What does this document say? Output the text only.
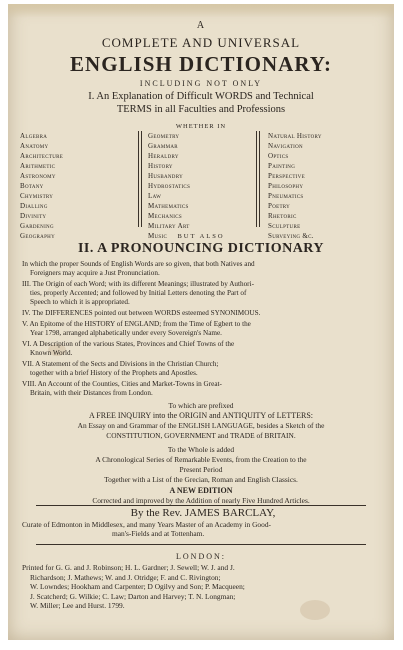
A
COMPLETE AND UNIVERSAL
ENGLISH DICTIONARY:
INCLUDING NOT ONLY
I. An Explanation of Difficult WORDS and Technical
TERMS in all Faculties and Professions
WHETHER IN
Algebra
Anatomy
Architecture
Arithmetic
Astronomy
Botany
Chymistry
Dialling
Divinity
Gardening
Geography
Geometry
Grammar
Heraldry
History
Husbandry
Hydrostatics
Law
Mathematics
Mechanics
Military Art
Music
Natural History
Navigation
Optics
Painting
Perspective
Philosophy
Pneumatics
Poetry
Rhetoric
Sculpture
Surveying &c.
BUT ALSO
II. A PRONOUNCING DICTIONARY
In which the proper Sounds of English Words are so given, that both Natives and
Foreigners may acquire a Just Pronunciation.
III. The Origin of each Word; with its different Meanings; illustrated by Authori-
ties, properly Accented; and followed by Initial Letters denoting the Part of
Speech to which it is appropriated.
IV. The DIFFERENCES pointed out between WORDS esteemed SYNONIMOUS.
V. An Epitome of the HISTORY of ENGLAND; from the Time of Egbert to the
Year 1798, arranged alphabetically under every Sovereign's Name.
VI. A Description of the various States, Provinces and Chief Towns of the
Known World.
VII. A Statement of the Sects and Divisions in the Christian Church;
together with a brief History of the Prophets and Apostles.
VIII. An Account of the Counties, Cities and Market-Towns in Great-
Britain, with their Distances from London.
To which are prefixed
A FREE INQUIRY into the ORIGIN and ANTIQUITY of LETTERS:
An Essay on and Grammar of the ENGLISH LANGUAGE, besides a Sketch of the
CONSTITUTION, GOVERNMENT and TRADE of BRITAIN.
To the Whole is added
A Chronological Series of Remarkable Events, from the Creation to the
Present Period
Together with a List of the Grecian, Roman and English Classics.
A NEW EDITION
Corrected and improved by the Addition of nearly Five Hundred Articles.
By the Rev. JAMES BARCLAY,
Curate of Edmonton in Middlesex, and many Years Master of an Academy in Good-
man's-Fields and at Tottenham.
LONDON:
Printed for G. G. and J. Robinson; H. L. Gardner; J. Sewell; W. J. and J.
Richardson; J. Mathews; W. and J. Otridge; F. and C. Rivington;
W. Lowndes; Hookham and Carpenter; D Ogilvy and Son; P. Macqueen;
J. Scatcherd; G. Wilkie; C. Law; Darton and Harvey; T. N. Longman;
W. Miller; Lee and Hurst. 1799.
